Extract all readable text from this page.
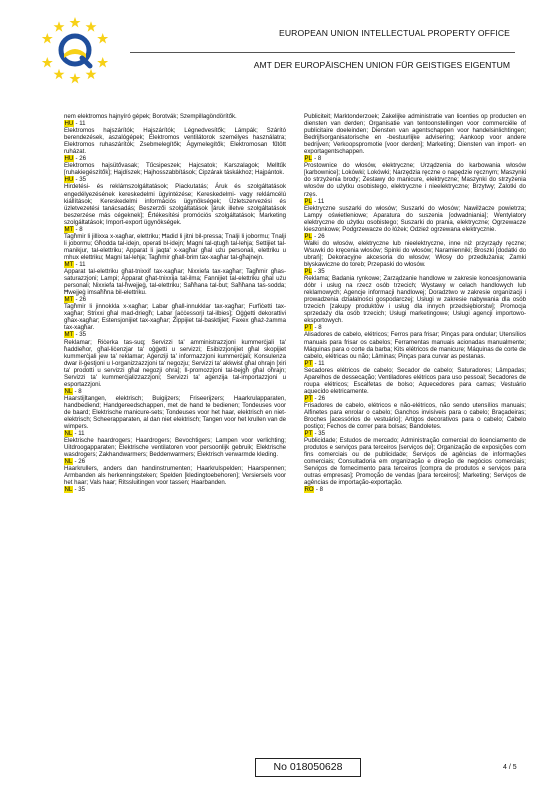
EUROPEAN UNION INTELLECTUAL PROPERTY OFFICE
AMT DER EUROPÄISCHEN UNION FÜR GEISTIGES EIGENTUM
nem elektromos hajnyíró gépek; Borotvák; Szempillagöndörítők.
HU - 11
Elektromos hajszárítók; Hajszárítók; Légnedvesítők; Lámpák; Szárító berendezések, aszalógépek; Elektromos ventilátorok személyes használatra; Elektromos ruhaszárítók; Zsebmelegítők; Ágymelegítők; Elektromosan fűtött ruházat.
HU - 26
Elektromos hajsütővasak; Tűcsipeszek; Hajcsatok; Karszalagok; Melltűk [ruhakiegészítők]; Hajdíszek; Hajhosszabbítások; Cipzárak táskákhoz; Hajpántok.
HU - 35
Hirdetési- és reklámszolgáltatások; Piackutatás; Áruk és szolgáltatások engedélyezésének kereskedelmi ügyintézése; Kereskedelmi- vagy reklámcélú kiállítások; Kereskedelmi információs ügynökségek; Üzletszervezési és üzletvezetési tanácsadás; Beszerzői szolgáltatások [áruk illetve szolgáltatások beszerzése más cégeknek]; Értékesítési promóciós szolgáltatások; Marketing szolgáltatások; Import-export ügynökségek.
MT - 8
Tagħmir li jillixxa x-xagħar, elettriku; Ħadid li jitni bil-pressa; Tnalji li jobormu; Tnalji li jobormu; Għodda tal-idejn, operati bl-idejn; Magni tal-qtugħ tal-lehja; Settijiet tal-manikjur, tal-elettriku; Apparat li jaqta' x-xagħar għal użu personali, elettriku u mhux elettriku; Magni tal-lehja; Tagħmir għall-brim tax-xagħar tal-għajnejn.
MT - 11
Apparat tal-elettriku għat-tnixxif tax-xagħar; Nixxiefa tax-xagħar; Tagħmir għas-saturazzjoni; Lampi; Apparat għat-tnixxija tal-ilma; Fannijiet tal-elettriku għal użu personali; Nixxiefa tal-ħwejjeġ, tal-elettriku; Saħħana tal-but; Saħħana tas-sodda; Ħwejjeġ imsaħħna bil-elettriku.
MT - 26
Tagħmir li jinnokkla x-xagħar; Labar għall-innukklar tax-xagħar; Furfiċetti tax-xagħar; Strixxi għal mad-driegħ; Labar [aċċessorji tal-ilbies]; Oġġetti dekorattivi għax-xagħar; Estensjonijiet tax-xagħar; Żippijiet tal-basktijiet; Faxex għaż-żamma tax-xagħar.
MT - 35
Reklamar; Riċerka tas-suq; Servizzi ta' amministrazzjoni kummerċjali ta' ħaddieħor, għal-liċenzjar ta' oġġetti u servizzi; Esibizzjonijiet għal skopijiet kummerċjali jew ta' reklamar; Aġenziji ta' informazzjoni kummerċjali; Konsulenza dwar il-ġestjoni u l-organizzazzjoni ta' negozju; Servizzi ta' akkwist għal ohrajn [xiri ta' prodotti u servizzi għal negozji ohra]; Il-promozzjoni tal-bejgħ għal oħrajn; Servizzi ta' kummerċjalizzazzjoni; Servizzi ta' aġenzija tal-importazzjoni u esportazzjoni.
NL - 8
Haarstijltangen, elektrisch; Buigijzers; Friseerijzers; Haarkrulapparaten, handbediend; Handgereedschappen, met de hand te bedienen; Tondeuses voor de baard; Elektrische manicure-sets; Tondeuses voor het haar, elektrisch en niet-elektrisch; Scheerapparaten, al dan niet elektrisch; Tangen voor het krullen van de wimpers.
NL - 11
Elektrische haardrogers; Haardrogers; Bevochtigers; Lampen voor verlichting; Uitdroogapparaten; Elektrische ventilatoren voor persoonlijk gebruik; Elektrische wasdrogers; Zakhandwarmers; Beddenwarmers; Elektrisch verwarmde kleding.
NL - 26
Haarkrullers, anders dan handinstrumenten; Haarkrulspelden; Haarspennen; Armbanden als herkenningsteken; Spelden [kledingtoebehoren]; Versiersels voor het haar; Vals haar; Ritssluitingen voor tassen; Haarbanden.
NL - 35
Publiciteit; Marktonderzoek; Zakelijke administratie van licenties op producten en diensten van derden; Organisatie van tentoonstellingen voor commerciële of publicitaire doeleinden; Diensten van agentschappen voor handelsinlichtingen; Bedrijfsorganisatorische en -bestuurlijke advisering; Aankoop voor andere bedrijven; Verkoopspromotie [voor derden]; Marketing; Diensten van import- en exportagentschappen.
PL - 8
Prostownice do włosów, elektryczne; Urządzenia do karbowania włosów [karbownice]; Lokówki; Lokówki; Narzędzia ręczne o napędzie ręcznym; Maszynki do strzyżenia brody; Zestawy do manicure, elektryczne; Maszynki do strzyżenia włosów do użytku osobistego, elektryczne i nieelektryczne; Brzytwy; Zalotki do rzęs.
PL - 11
Elektryczne suszarki do włosów; Suszarki do włosów; Nawilżacze powietrza; Lampy oświetleniowe; Aparatura do suszenia [odwadniania]; Wentylatory elektryczne do użytku osobistego; Suszarki do prania, elektryczne; Ogrzewacze kieszonkowe; Podgrzewacze do łóżek; Odzież ogrzewana elektrycznie.
PL - 26
Wałki do włosów, elektryczne lub nieelektryczne, inne niż przyrządy ręczne; Wsuwki do kręcenia włosów; Spinki do włosów; Naramienniki; Broszki [dodatki do ubrań]; Dekoracyjne akcesoria do włosów; Włosy do przedłużania; Zamki błyskawiczne do toreb; Przepaski do włosów.
PL - 35
Reklama; Badania rynkowe; Zarządzanie handlowe w zakresie koncesjonowania dóbr i usług na rzecz osób trzecich; Wystawy w celach handlowych lub reklamowych; Agencje informacji handlowej; Doradztwo w zakresie organizacji i prowadzenia działalności gospodarczej; Usługi w zakresie nabywania dla osób trzecich [zakupy produktów i usług dla innych przedsiębiorstw]; Promocja sprzedaży dla osób trzecich; Usługi marketingowe; Usługi agencji importowo-eksportowych.
PT - 8
Alisadores de cabelo, elétricos; Ferros para frisar; Pinças para ondular; Utensílios manuais para frisar os cabelos; Ferramentas manuais acionadas manualmente; Máquinas para o corte da barba; Kits elétricos de manicure; Máquinas de corte de cabelo, elétricas ou não; Lâminas; Pinças para curvar as pestanas.
PT - 11
Secadores elétricos de cabelo; Secador de cabelo; Saturadores; Lâmpadas; Aparelhos de dessecação; Ventiladores elétricos para uso pessoal; Secadores de roupa elétricos; Escalfetas de bolso; Aquecedores para camas; Vestuário aquecido eletricamente.
PT - 26
Frisadores de cabelo, elétricos e não-elétricos, não sendo utensílios manuais; Alfinetes para enrolar o cabelo; Ganchos invisíveis para o cabelo; Braçadeiras; Broches [acessórios de vestuário]; Artigos decorativos para o cabelo; Cabelo postiço; Fechos de correr para bolsas; Bandoletes.
PT - 35
Publicidade; Estudos de mercado; Administração comercial do licenciamento de produtos e serviços para terceiros [serviços de]; Organização de exposições com fins comerciais ou de publicidade; Serviços de agências de informações comerciais; Consultadoria em organização e direção de negócios comerciais; Serviços de fornecimento para terceiros [compra de produtos e serviços para outras empresas]; Promoção de vendas [para terceiros]; Marketing; Serviços de agências de importação-exportação.
RO - 8
No 018050628	4 / 5
